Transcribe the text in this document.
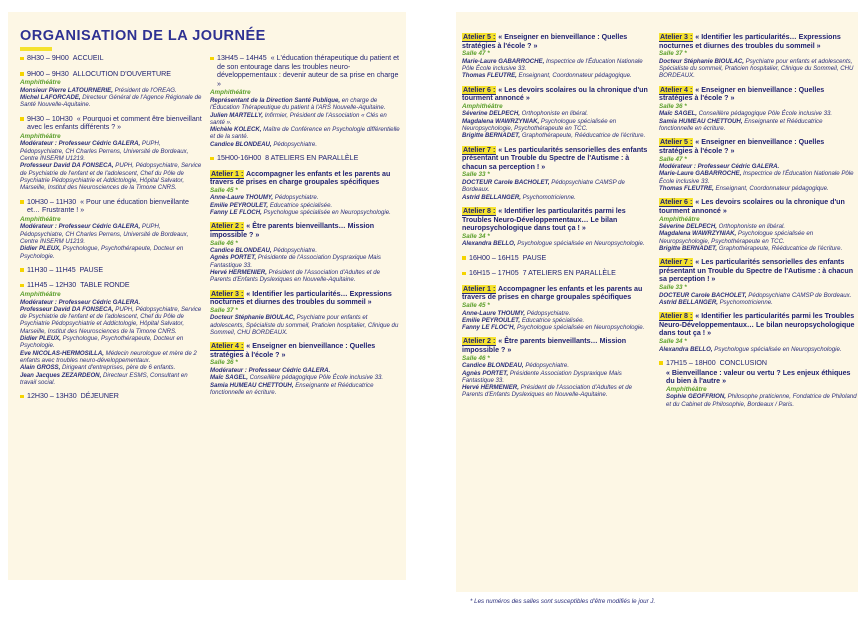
ORGANISATION DE LA JOURNÉE
8H30 – 9H00 ACCUEIL
9H00 – 9H30 ALLOCUTION D'OUVERTURE
Amphithéâtre
Monsieur Pierre LATOURNERIE, Président de l'OREAG.
Michel LAFORCADE, Directeur Général de l'Agence Régionale de Santé Nouvelle-Aquitaine.
9H30 – 10H30 « Pourquoi et comment être bienveillant avec les enfants différents ? »
Amphithéâtre
Modérateur : Professeur Cédric GALERA, PUPH, Pédopsychiatre, CH Charles Perrens, Université de Bordeaux, Centre INSERM U1219.
Professeur David DA FONSECA, PUPH, Pédopsychiatre, Service de Psychiatrie de l'enfant et de l'adolescent, Chef du Pôle de Psychiatrie Pédopsychiatrie et Addictologie, Hôpital Salvator, Marseille, Institut des Neurosciences de la Timone CNRS.
10H30 – 11H30 « Pour une éducation bienveillante et… Frustrante ! »
Amphithéâtre
Modérateur : Professeur Cédric GALERA, PUPH, Pédopsychiatre, CH Charles Perrens, Université de Bordeaux, Centre INSERM U1219.
Didier PLEUX, Psychologue, Psychothérapeute, Docteur en Psychologie.
11H30 – 11H45 PAUSE
11H45 – 12H30 TABLE RONDE
Amphithéâtre
Modérateur : Professeur Cédric GALERA.
Professeur David DA FONSECA, PUPH, Pédopsychiatre, Service de Psychiatrie de l'enfant et de l'adolescent, Chef du Pôle de Psychiatrie Pédopsychiatrie et Addictologie, Hôpital Salvator, Marseille, Institut des Neurosciences de la Timone CNRS.
Didier PLEUX, Psychologue, Psychothérapeute, Docteur en Psychologie.
Eve NICOLAS-HERMOSILLA, Médecin neurologue et mère de 2 enfants avec troubles neuro-développementaux.
Alain GROSS, Dirigeant d'entreprises, père de 6 enfants.
Jean Jacques ZEZARDEON, Directeur ESMS, Consultant en travail social.
12H30 – 13H30 DÉJEUNER
13H45 – 14H45 « L'éducation thérapeutique du patient et de son entourage dans les troubles neuro-développementaux : devenir auteur de sa prise en charge »
Amphithéâtre
Représentant de la Direction Santé Publique, en charge de l'Éducation Thérapeutique du patient à l'ARS Nouvelle-Aquitaine.
Julien MARTELLY, Infirmier, Président de l'Association « Clés en santé ».
Michèle KOLECK, Maître de Conférence en Psychologie différentielle et de la santé.
Candice BLONDEAU, Pédopsychiatre.
15H00-16H00 8 ATELIERS EN PARALLÈLE
Atelier 1 : Accompagner les enfants et les parents au travers de prises en charge groupales spécifiques
Salle 45 *
Anne-Laure THOUMY, Pédopsychiatre.
Emilie PEYROULET, Educatrice spécialisée.
Fanny LE FLOCH, Psychologue spécialisée en Neuropsychologie.
Atelier 2 : « Être parents bienveillants… Mission impossible ? »
Salle 46 *
Candice BLONDEAU, Pédopsychiatre.
Agnès PORTET, Présidente de l'Association Dyspraxique Mais Fantastique 33.
Hervé HERMENIER, Président de l'Association d'Adultes et de Parents d'Enfants Dyslexiques en Nouvelle-Aquitaine.
Atelier 3 : « Identifier les particularités… Expressions nocturnes et diurnes des troubles du sommeil »
Salle 37 *
Docteur Stéphanie BIOULAC, Psychiatre pour enfants et adolescents, Spécialiste du sommeil, Praticien hospitalier, Clinique du Sommeil, CHU BORDEAUX.
Atelier 4 : « Enseigner en bienveillance : Quelles stratégies à l'école ? »
Salle 36 *
Modérateur : Professeur Cédric GALERA.
Maïc SAGEL, Conseillère pédagogique Pôle École inclusive 33.
Samia HUMEAU CHETTOUH, Enseignante et Rééducatrice fonctionnelle en écriture.
Atelier 5 : « Enseigner en bienveillance : Quelles stratégies à l'école ? »
Salle 47 *
Marie-Laure GABARROCHE, Inspectrice de l'Éducation Nationale Pôle École inclusive 33.
Thomas FLEUTRE, Enseignant, Coordonnateur pédagogique.
Atelier 6 : « Les devoirs scolaires ou la chronique d'un tourment annoncé »
Amphithéâtre
Séverine DELPECH, Orthophoniste en libéral.
Magdalena WAWRZYNIAK, Psychologue spécialisée en Neuropsychologie, Psychothérapeute en TCC.
Brigitte BERNADET, Graphothérapeute, Rééducatrice de l'écriture.
Atelier 7 : « Les particularités sensorielles des enfants présentant un Trouble du Spectre de l'Autisme : à chacun sa perception ! »
Salle 33 *
DOCTEUR Carole BACHOLET, Pédopsychiatre CAMSP de Bordeaux.
Astrid BELLANGER, Psychomotricienne.
Atelier 8 : « Identifier les particularités parmi les Troubles Neuro-Développementaux… Le bilan neuropsychologique dans tout ça ! »
Salle 34 *
Alexandra BELLO, Psychologue spécialisée en Neuropsychologie.
16H00 – 16H15 PAUSE
16H15 – 17H05 7 ATELIERS EN PARALLÈLE
Atelier 1 : Accompagner les enfants et les parents au travers de prises en charge groupales spécifiques
Salle 45 *
Anne-Laure THOUMY, Pédopsychiatre.
Emilie PEYROULET, Educatrice spécialisée.
Fanny LE FLOC'H, Psychologue spécialisée en Neuropsychologie.
Atelier 2 : « Être parents bienveillants… Mission impossible ? »
Salle 46 *
Candice BLONDEAU, Pédopsychiatre.
Agnès PORTET, Présidente Association Dyspraxique Mais Fantastique 33.
Hervé HERMENIER, Président de l'Association d'Adultes et de Parents d'Enfants Dyslexiques en Nouvelle-Aquitaine.
Atelier 3 : « Identifier les particularités… Expressions nocturnes et diurnes des troubles du sommeil »
Salle 37 *
Docteur Stéphanie BIOULAC, Psychiatre pour enfants et adolescents, Spécialiste du sommeil, Praticien hospitalier, Clinique du Sommeil, CHU BORDEAUX.
Atelier 4 : « Enseigner en bienveillance : Quelles stratégies à l'école ? »
Salle 36 *
Maïc SAGEL, Conseillère pédagogique Pôle École inclusive 33.
Samia HUMEAU CHETTOUH, Enseignante et Rééducatrice fonctionnelle en écriture.
Atelier 5 : « Enseigner en bienveillance : Quelles stratégies à l'école ? »
Salle 47 *
Modérateur : Professeur Cédric GALERA.
Marie-Laure GABARROCHE, Inspectrice de l'Éducation Nationale Pôle École inclusive 33.
Thomas FLEUTRE, Enseignant, Coordonnateur pédagogique.
Atelier 6 : « Les devoirs scolaires ou la chronique d'un tourment annoncé »
Amphithéâtre
Séverine DELPECH, Orthophoniste en libéral.
Magdalena WAWRZYNIAK, Psychologue spécialisée en Neuropsychologie, Psychothérapeute en TCC.
Brigitte BERNADET, Graphothérapeute, Rééducatrice de l'écriture.
Atelier 7 : « Les particularités sensorielles des enfants présentant un Trouble du Spectre de l'Autisme : à chacun sa perception ! »
Salle 33 *
DOCTEUR Carole BACHOLET, Pédopsychiatre CAMSP de Bordeaux.
Astrid BELLANGER, Psychomotricienne.
Atelier 8 : « Identifier les particularités parmi les Troubles Neuro-Développementaux… Le bilan neuropsychologique dans tout ça ! »
Salle 34 *
Alexandra BELLO, Psychologue spécialisée en Neuropsychologie.
17H15 – 18H00 CONCLUSION
« Bienveillance : valeur ou vertu ? Les enjeux éthiques du bien à l'autre »
Amphithéâtre
Sophie GEOFFRION, Philosophe praticienne, Fondatrice de Philoland et du Cabinet de Philosophie, Bordeaux / Paris.
* Les numéros des salles sont susceptibles d'être modifiés le jour J.
